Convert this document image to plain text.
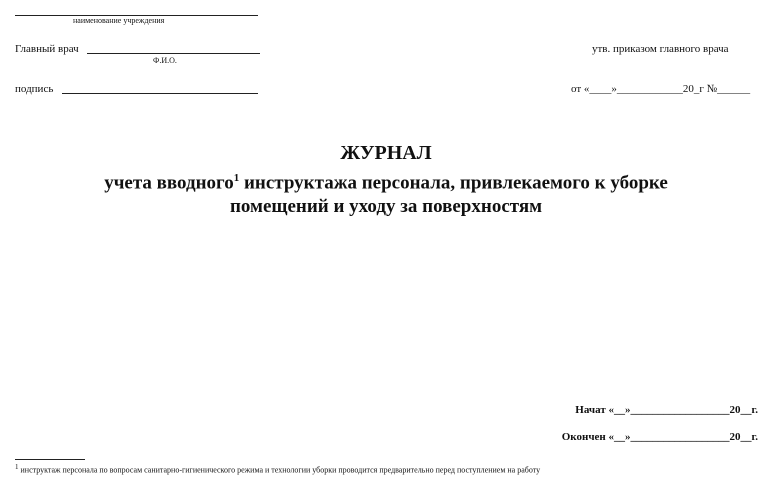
наименование учреждения
Главный врач
Ф.И.О.
подпись
утв. приказом главного врача
от «____»____________20_г №______
ЖУРНАЛ
учета вводного$^1$ инструктажа персонала, привлекаемого к уборке
помещений и уходу за поверхностям
Начат «__»__________________20__г.
Окончен «__»__________________20__г.
$^1$ инструктаж персонала по вопросам санитарно-гигиенического режима и технологии уборки проводится предварительно перед поступлением на работу
